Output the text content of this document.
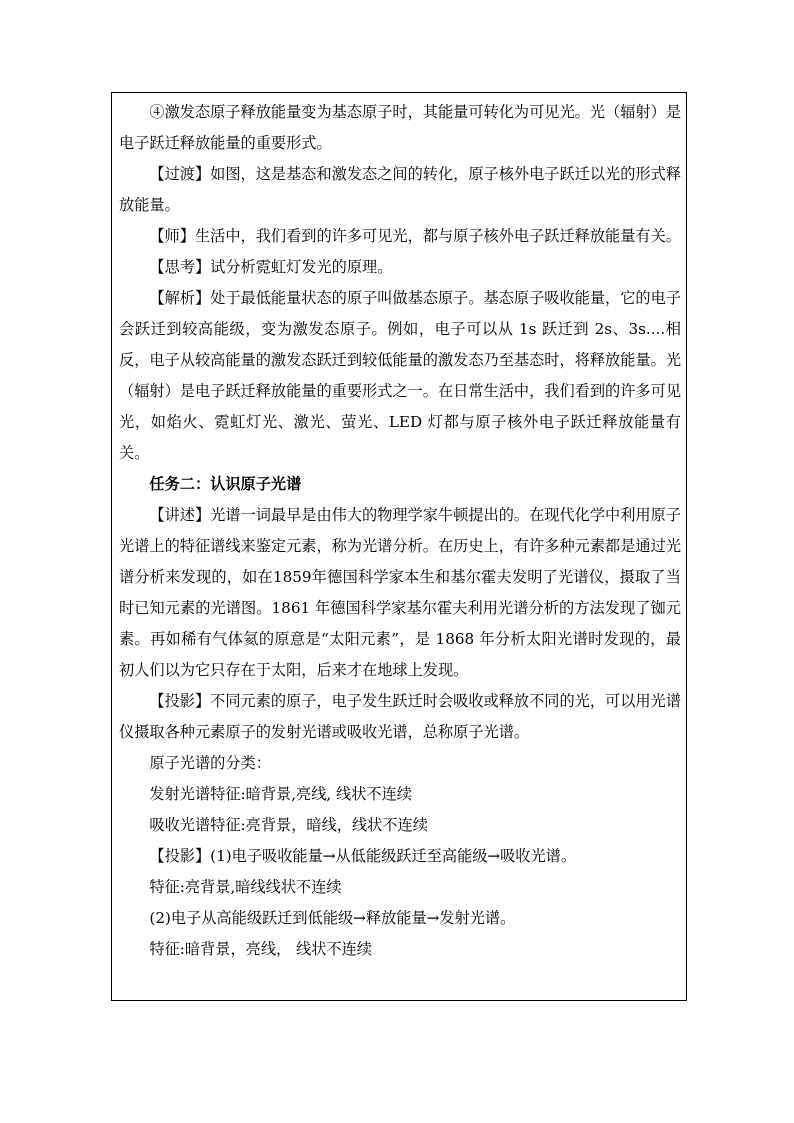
④激发态原子释放能量变为基态原子时，其能量可转化为可见光。光（辐射）是电子跃迁释放能量的重要形式。

【过渡】如图，这是基态和激发态之间的转化，原子核外电子跃迁以光的形式释放能量。

【师】生活中，我们看到的许多可见光，都与原子核外电子跃迁释放能量有关。

【思考】试分析霓虹灯发光的原理。

【解析】处于最低能量状态的原子叫做基态原子。基态原子吸收能量，它的电子会跃迁到较高能级，变为激发态原子。例如，电子可以从 1s 跃迁到 2s、3s....相反，电子从较高能量的激发态跃迁到较低能量的激发态乃至基态时，将释放能量。光（辐射）是电子跃迁释放能量的重要形式之一。在日常生活中，我们看到的许多可见光，如焰火、霓虹灯光、激光、萤光、LED 灯都与原子核外电子跃迁释放能量有关。

任务二：认识原子光谱

【讲述】光谱一词最早是由伟大的物理学家牛顿提出的。在现代化学中利用原子光谱上的特征谱线来鉴定元素，称为光谱分析。在历史上，有许多种元素都是通过光谱分析来发现的，如在1859年德国科学家本生和基尔霍夫发明了光谱仪，摄取了当时已知元素的光谱图。1861 年德国科学家基尔霍夫利用光谱分析的方法发现了铷元素。再如稀有气体氦的原意是“太阳元素”，是 1868 年分析太阳光谱时发现的，最初人们以为它只存在于太阳，后来才在地球上发现。

【投影】不同元素的原子，电子发生跃迁时会吸收或释放不同的光，可以用光谱仪摄取各种元素原子的发射光谱或吸收光谱，总称原子光谱。

原子光谱的分类：

发射光谱特征:暗背景,亮线, 线状不连续

吸收光谱特征:亮背景，暗线，线状不连续

【投影】(1)电子吸收能量→从低能级跃迁至高能级→吸收光谱。

特征:亮背景,暗线线状不连续

(2)电子从高能级跃迁到低能级→释放能量→发射光谱。

特征:暗背景，亮线， 线状不连续
